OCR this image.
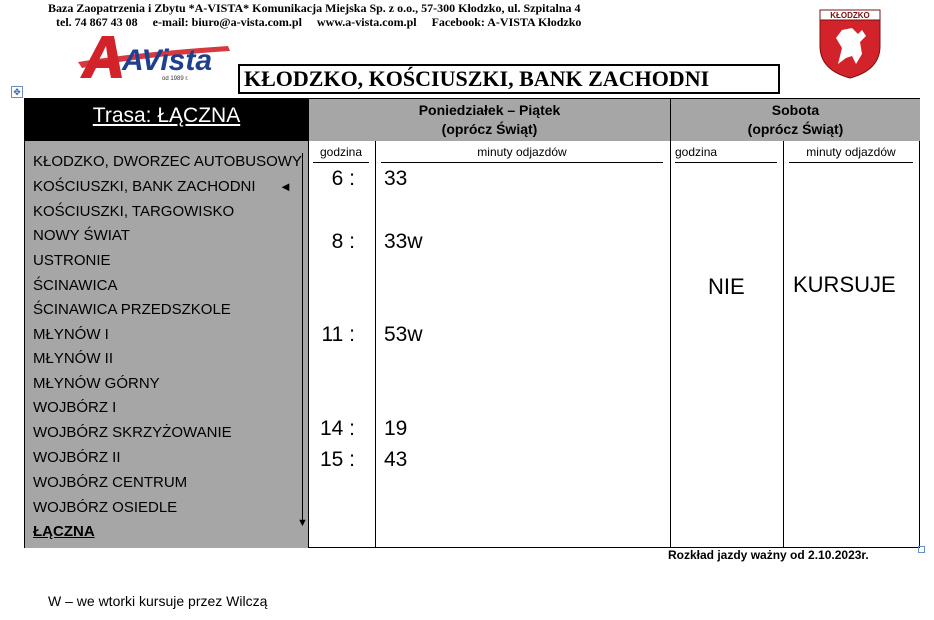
Baza Zaopatrzenia i Zbytu *A-VISTA* Komunikacja Miejska Sp. z o.o., 57-300 Kłodzko, ul. Szpitalna 4
tel. 74 867 43 08 e-mail: biuro@a-vista.com.pl www.a-vista.com.pl Facebook: A-VISTA Kłodzko
AVista
od 1989 r.
KŁODZKO
KŁODZKO, KOŚCIUSZKI, BANK ZACHODNI
✥
Trasa: ŁĄCZNA
KŁODZKO, DWORZEC AUTOBUSOWY
KOŚCIUSZKI, BANK ZACHODNI ◄
KOŚCIUSZKI, TARGOWISKO
NOWY ŚWIAT
USTRONIE
ŚCINAWICA
ŚCINAWICA PRZEDSZKOLE
MŁYNÓW I
MŁYNÓW II
MŁYNÓW GÓRNY
WOJBÓRZ I
WOJBÓRZ SKRZYŻOWANIE
WOJBÓRZ II
WOJBÓRZ CENTRUM
WOJBÓRZ OSIEDLE
ŁĄCZNA	▼
Poniedziałek – Piątek
(oprócz Świąt)
Sobota
(oprócz Świąt)
godzina	minuty odjazdów	godzina	minuty odjazdów
6 : 33
8 : 33w
11 : 53w
14 : 19
15 : 43
NIE KURSUJE
Rozkład jazdy ważny od 2.10.2023r.
W – we wtorki kursuje przez Wilczą
